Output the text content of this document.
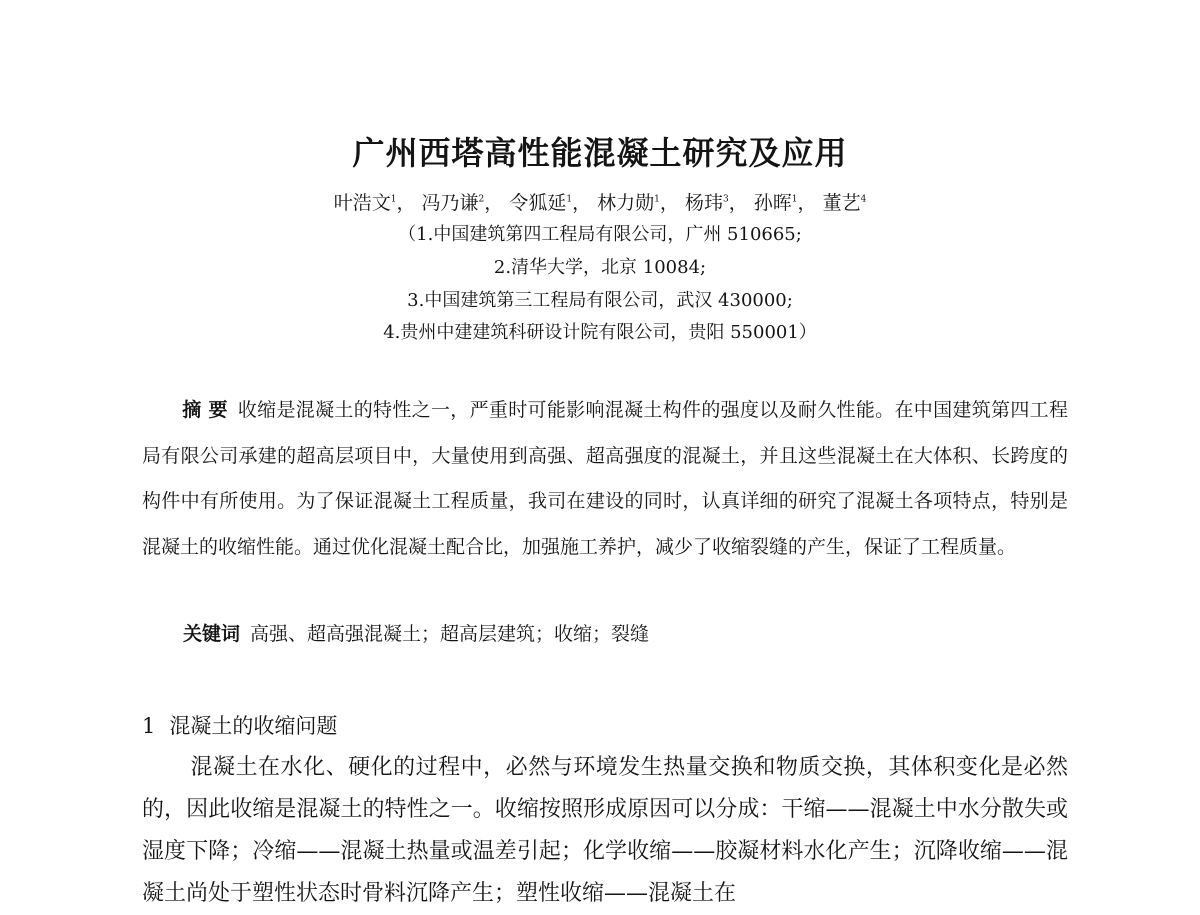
广州西塔高性能混凝土研究及应用
叶浩文$^1$， 冯乃谦$^2$， 令狐延$^1$， 林力勋$^1$， 杨玮$^3$， 孙晖$^1$， 董艺$^4$
（1.中国建筑第四工程局有限公司，广州 510665;
2.清华大学，北京 10084;
3.中国建筑第三工程局有限公司，武汉 430000;
4.贵州中建建筑科研设计院有限公司，贵阳 550001）
摘 要 收缩是混凝土的特性之一，严重时可能影响混凝土构件的强度以及耐久性能。在中国建筑第四工程局有限公司承建的超高层项目中，大量使用到高强、超高强度的混凝土，并且这些混凝土在大体积、长跨度的构件中有所使用。为了保证混凝土工程质量，我司在建设的同时，认真详细的研究了混凝土各项特点，特别是混凝土的收缩性能。通过优化混凝土配合比，加强施工养护，减少了收缩裂缝的产生，保证了工程质量。
关键词 高强、超高强混凝土；超高层建筑；收缩；裂缝
1 混凝土的收缩问题
混凝土在水化、硬化的过程中，必然与环境发生热量交换和物质交换，其体积变化是必然的，因此收缩是混凝土的特性之一。收缩按照形成原因可以分成：干缩——混凝土中水分散失或湿度下降；冷缩——混凝土热量或温差引起；化学收缩——胶凝材料水化产生；沉降收缩——混凝土尚处于塑性状态时骨料沉降产生；塑性收缩——混凝土在
